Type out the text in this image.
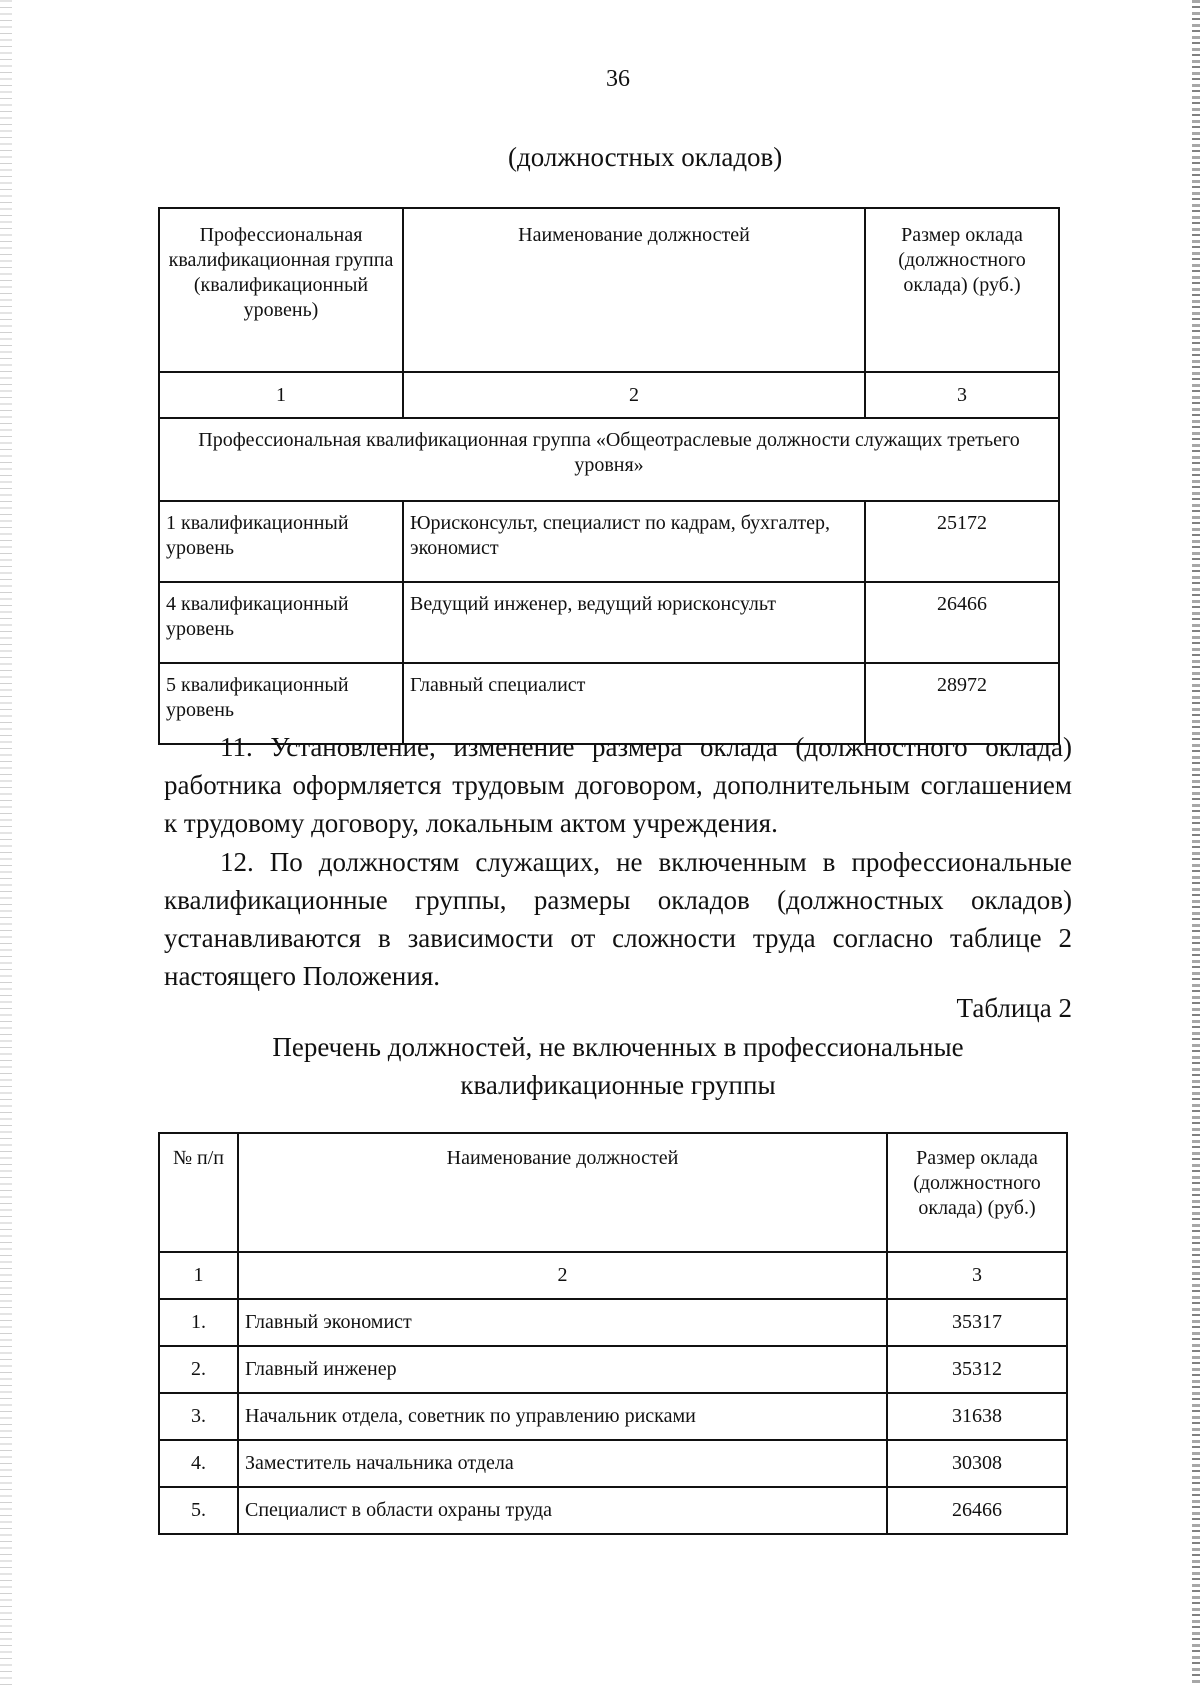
36
(должностных окладов)
Профессиональная квалификационная группа (квалификационный уровень)	Наименование должностей	Размер оклада (должностного оклада) (руб.)
1	2	3
Профессиональная квалификационная группа «Общеотраслевые должности служащих третьего уровня»		
1 квалификационный уровень	Юрисконсульт, специалист по кадрам, бухгалтер, экономист	25172
4 квалификационный уровень	Ведущий инженер, ведущий юрисконсульт	26466
5 квалификационный уровень	Главный специалист	28972
11. Установление, изменение размера оклада (должностного оклада) работника оформляется трудовым договором, дополнительным соглашением к трудовому договору, локальным актом учреждения.
12. По должностям служащих, не включенным в профессиональные квалификационные группы, размеры окладов (должностных окладов) устанавливаются в зависимости от сложности труда согласно таблице 2 настоящего Положения.
Таблица 2
Перечень должностей, не включенных в профессиональные
квалификационные группы
№ п/п	Наименование должностей	Размер оклада (должностного оклада) (руб.)
1	2	3
1.	Главный экономист	35317
2.	Главный инженер	35312
3.	Начальник отдела, советник по управлению рисками	31638
4.	Заместитель начальника отдела	30308
5.	Специалист в области охраны труда	26466
